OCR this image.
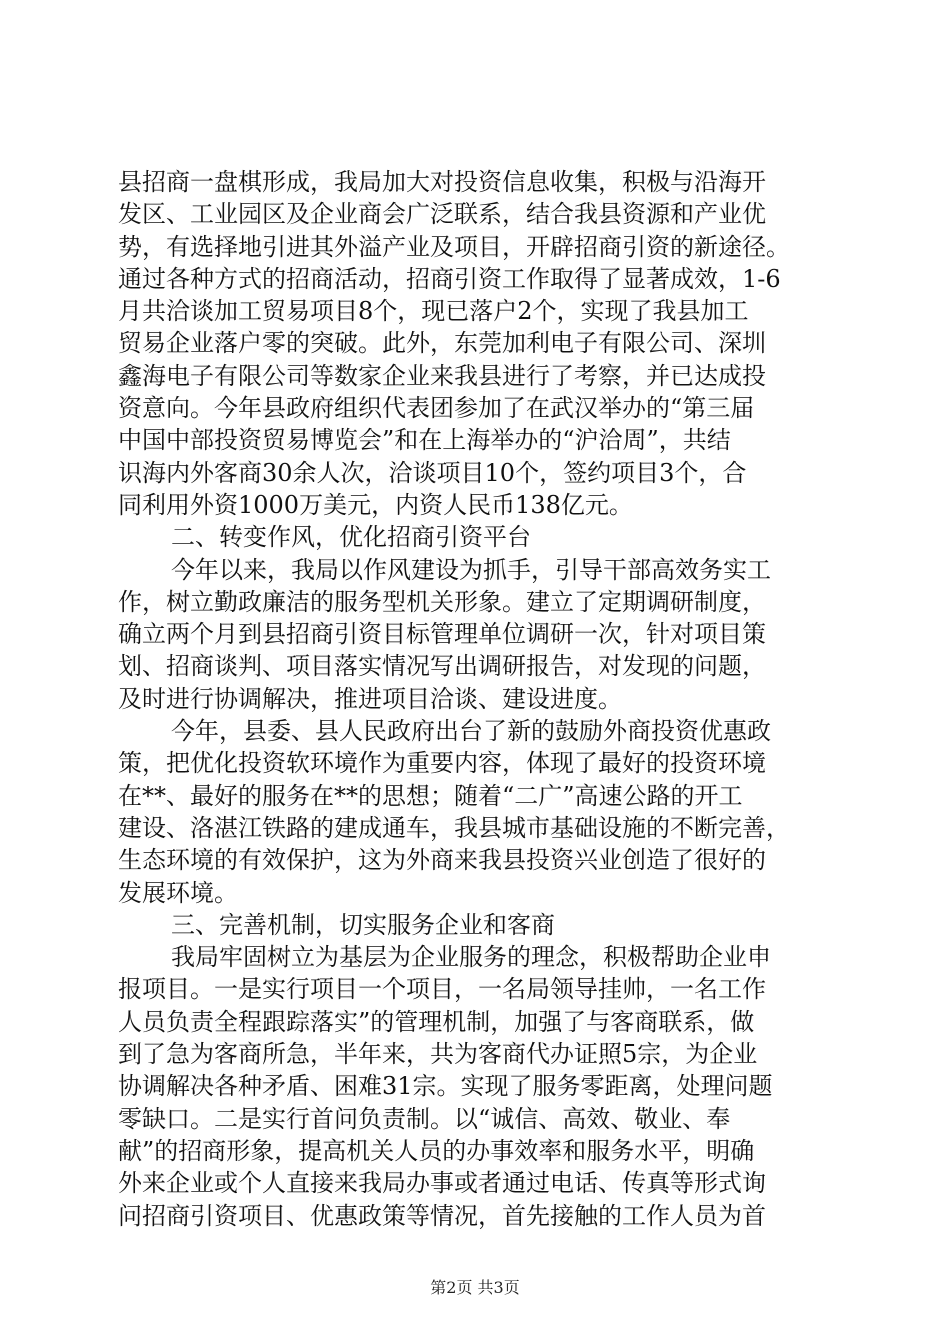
县招商一盘棋形成，我局加大对投资信息收集，积极与沿海开
发区、工业园区及企业商会广泛联系，结合我县资源和产业优
势，有选择地引进其外溢产业及项目，开辟招商引资的新途径。
通过各种方式的招商活动，招商引资工作取得了显著成效，1-6
月共洽谈加工贸易项目8个，现已落户2个，实现了我县加工
贸易企业落户零的突破。此外，东莞加利电子有限公司、深圳
鑫海电子有限公司等数家企业来我县进行了考察，并已达成投
资意向。今年县政府组织代表团参加了在武汉举办的“第三届
中国中部投资贸易博览会”和在上海举办的“沪洽周”，共结
识海内外客商30余人次，洽谈项目10个，签约项目3个，合
同利用外资1000万美元，内资人民币138亿元。
二、转变作风，优化招商引资平台
今年以来，我局以作风建设为抓手，引导干部高效务实工
作，树立勤政廉洁的服务型机关形象。建立了定期调研制度，
确立两个月到县招商引资目标管理单位调研一次，针对项目策
划、招商谈判、项目落实情况写出调研报告，对发现的问题，
及时进行协调解决，推进项目洽谈、建设进度。
今年，县委、县人民政府出台了新的鼓励外商投资优惠政
策，把优化投资软环境作为重要内容，体现了最好的投资环境
在**、最好的服务在**的思想；随着“二广”高速公路的开工
建设、洛湛江铁路的建成通车，我县城市基础设施的不断完善，
生态环境的有效保护，这为外商来我县投资兴业创造了很好的
发展环境。
三、完善机制，切实服务企业和客商
我局牢固树立为基层为企业服务的理念，积极帮助企业申
报项目。一是实行项目一个项目，一名局领导挂帅，一名工作
人员负责全程跟踪落实”的管理机制，加强了与客商联系，做
到了急为客商所急，半年来，共为客商代办证照5宗，为企业
协调解决各种矛盾、困难31宗。实现了服务零距离，处理问题
零缺口。二是实行首问负责制。以“诚信、高效、敬业、奉
献”的招商形象，提高机关人员的办事效率和服务水平，明确
外来企业或个人直接来我局办事或者通过电话、传真等形式询
问招商引资项目、优惠政策等情况，首先接触的工作人员为首
第2页 共3页
